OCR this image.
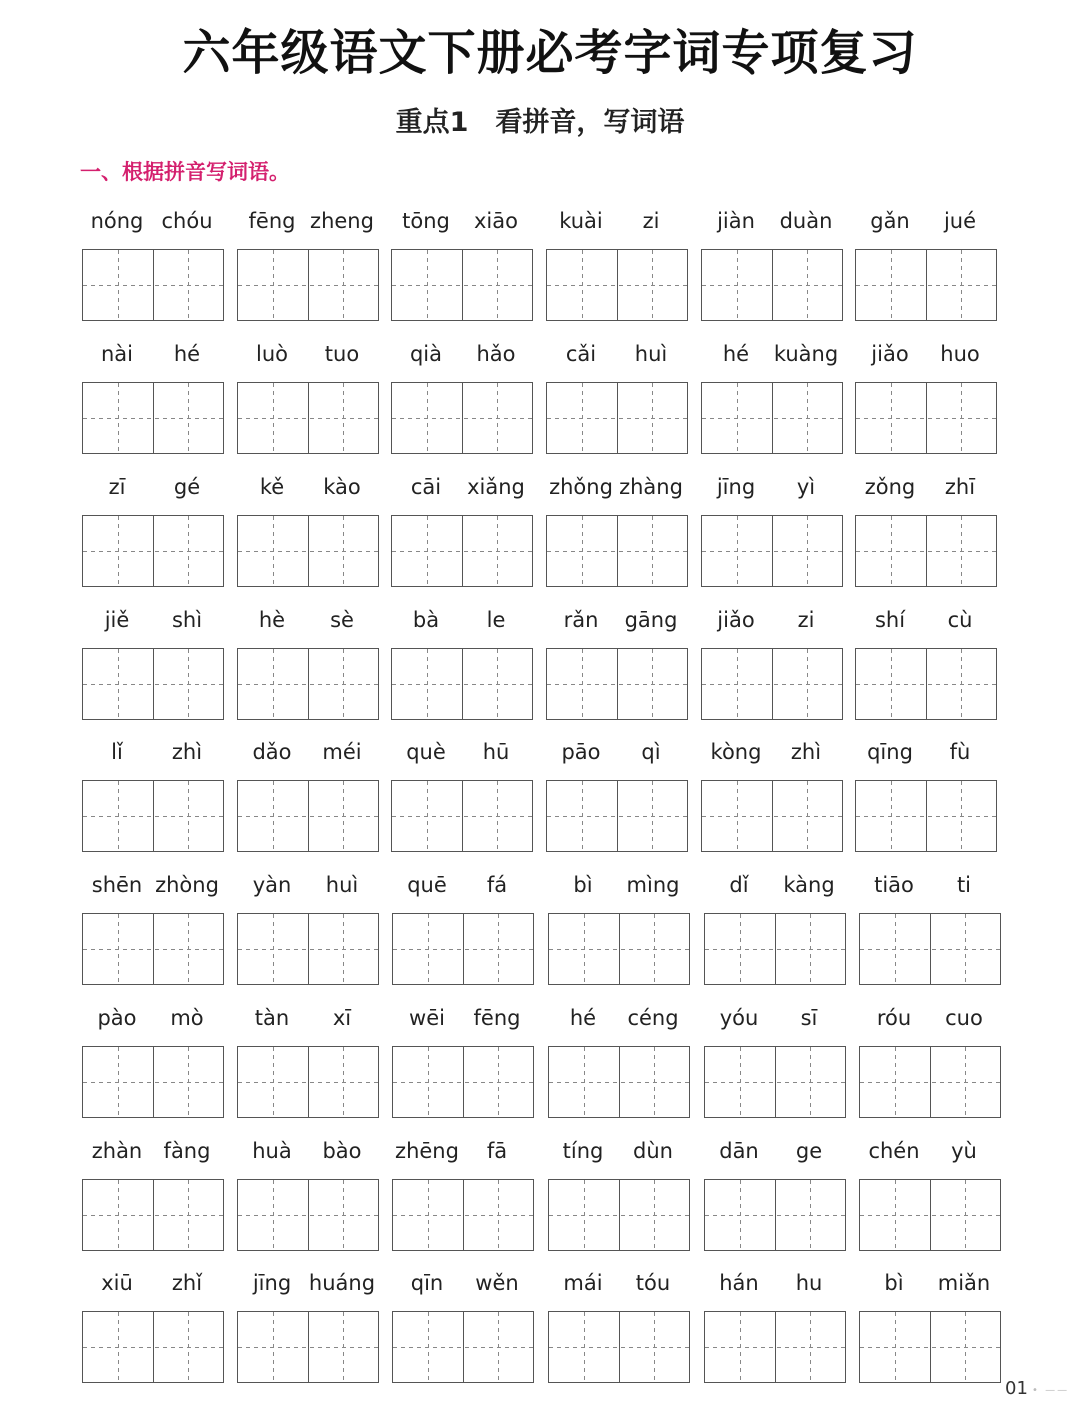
六年级语文下册必考字词专项复习
重点1　看拼音，写词语
一、根据拼音写词语。
nóng chóu	fēng zheng	tōng	xiāo	kuài	zi	jiàn	duàn	gǎn	jué
nài	hé	luò	tuo	qià	hǎo	cǎi	huì	hé	kuàng	jiǎo	huo
zī	gé	kě	kào	cāi	xiǎng zhǒng zhàng	jīng	yì	zǒng	zhī
jiě	shì	hè	sè	bà	le	rǎn	gāng	jiǎo	zi	shí	cù
lǐ	zhì	dǎo	méi	què	hū	pāo	qì	kòng	zhì	qīng	fù
shēn zhòng	yàn	huì	quē	fá	bì	mìng	dǐ	kàng	tiāo	ti
pào	mò	tàn	xī	wēi	fēng	hé	céng	yóu	sī	róu	cuo
zhàn	fàng	huà	bào	zhēng	fā	tíng	dùn	dān	ge	chén	yù
xiū	zhǐ	jīng huáng	qīn	wěn	mái	tóu	hán	hu	bì	miǎn
01 • ——
